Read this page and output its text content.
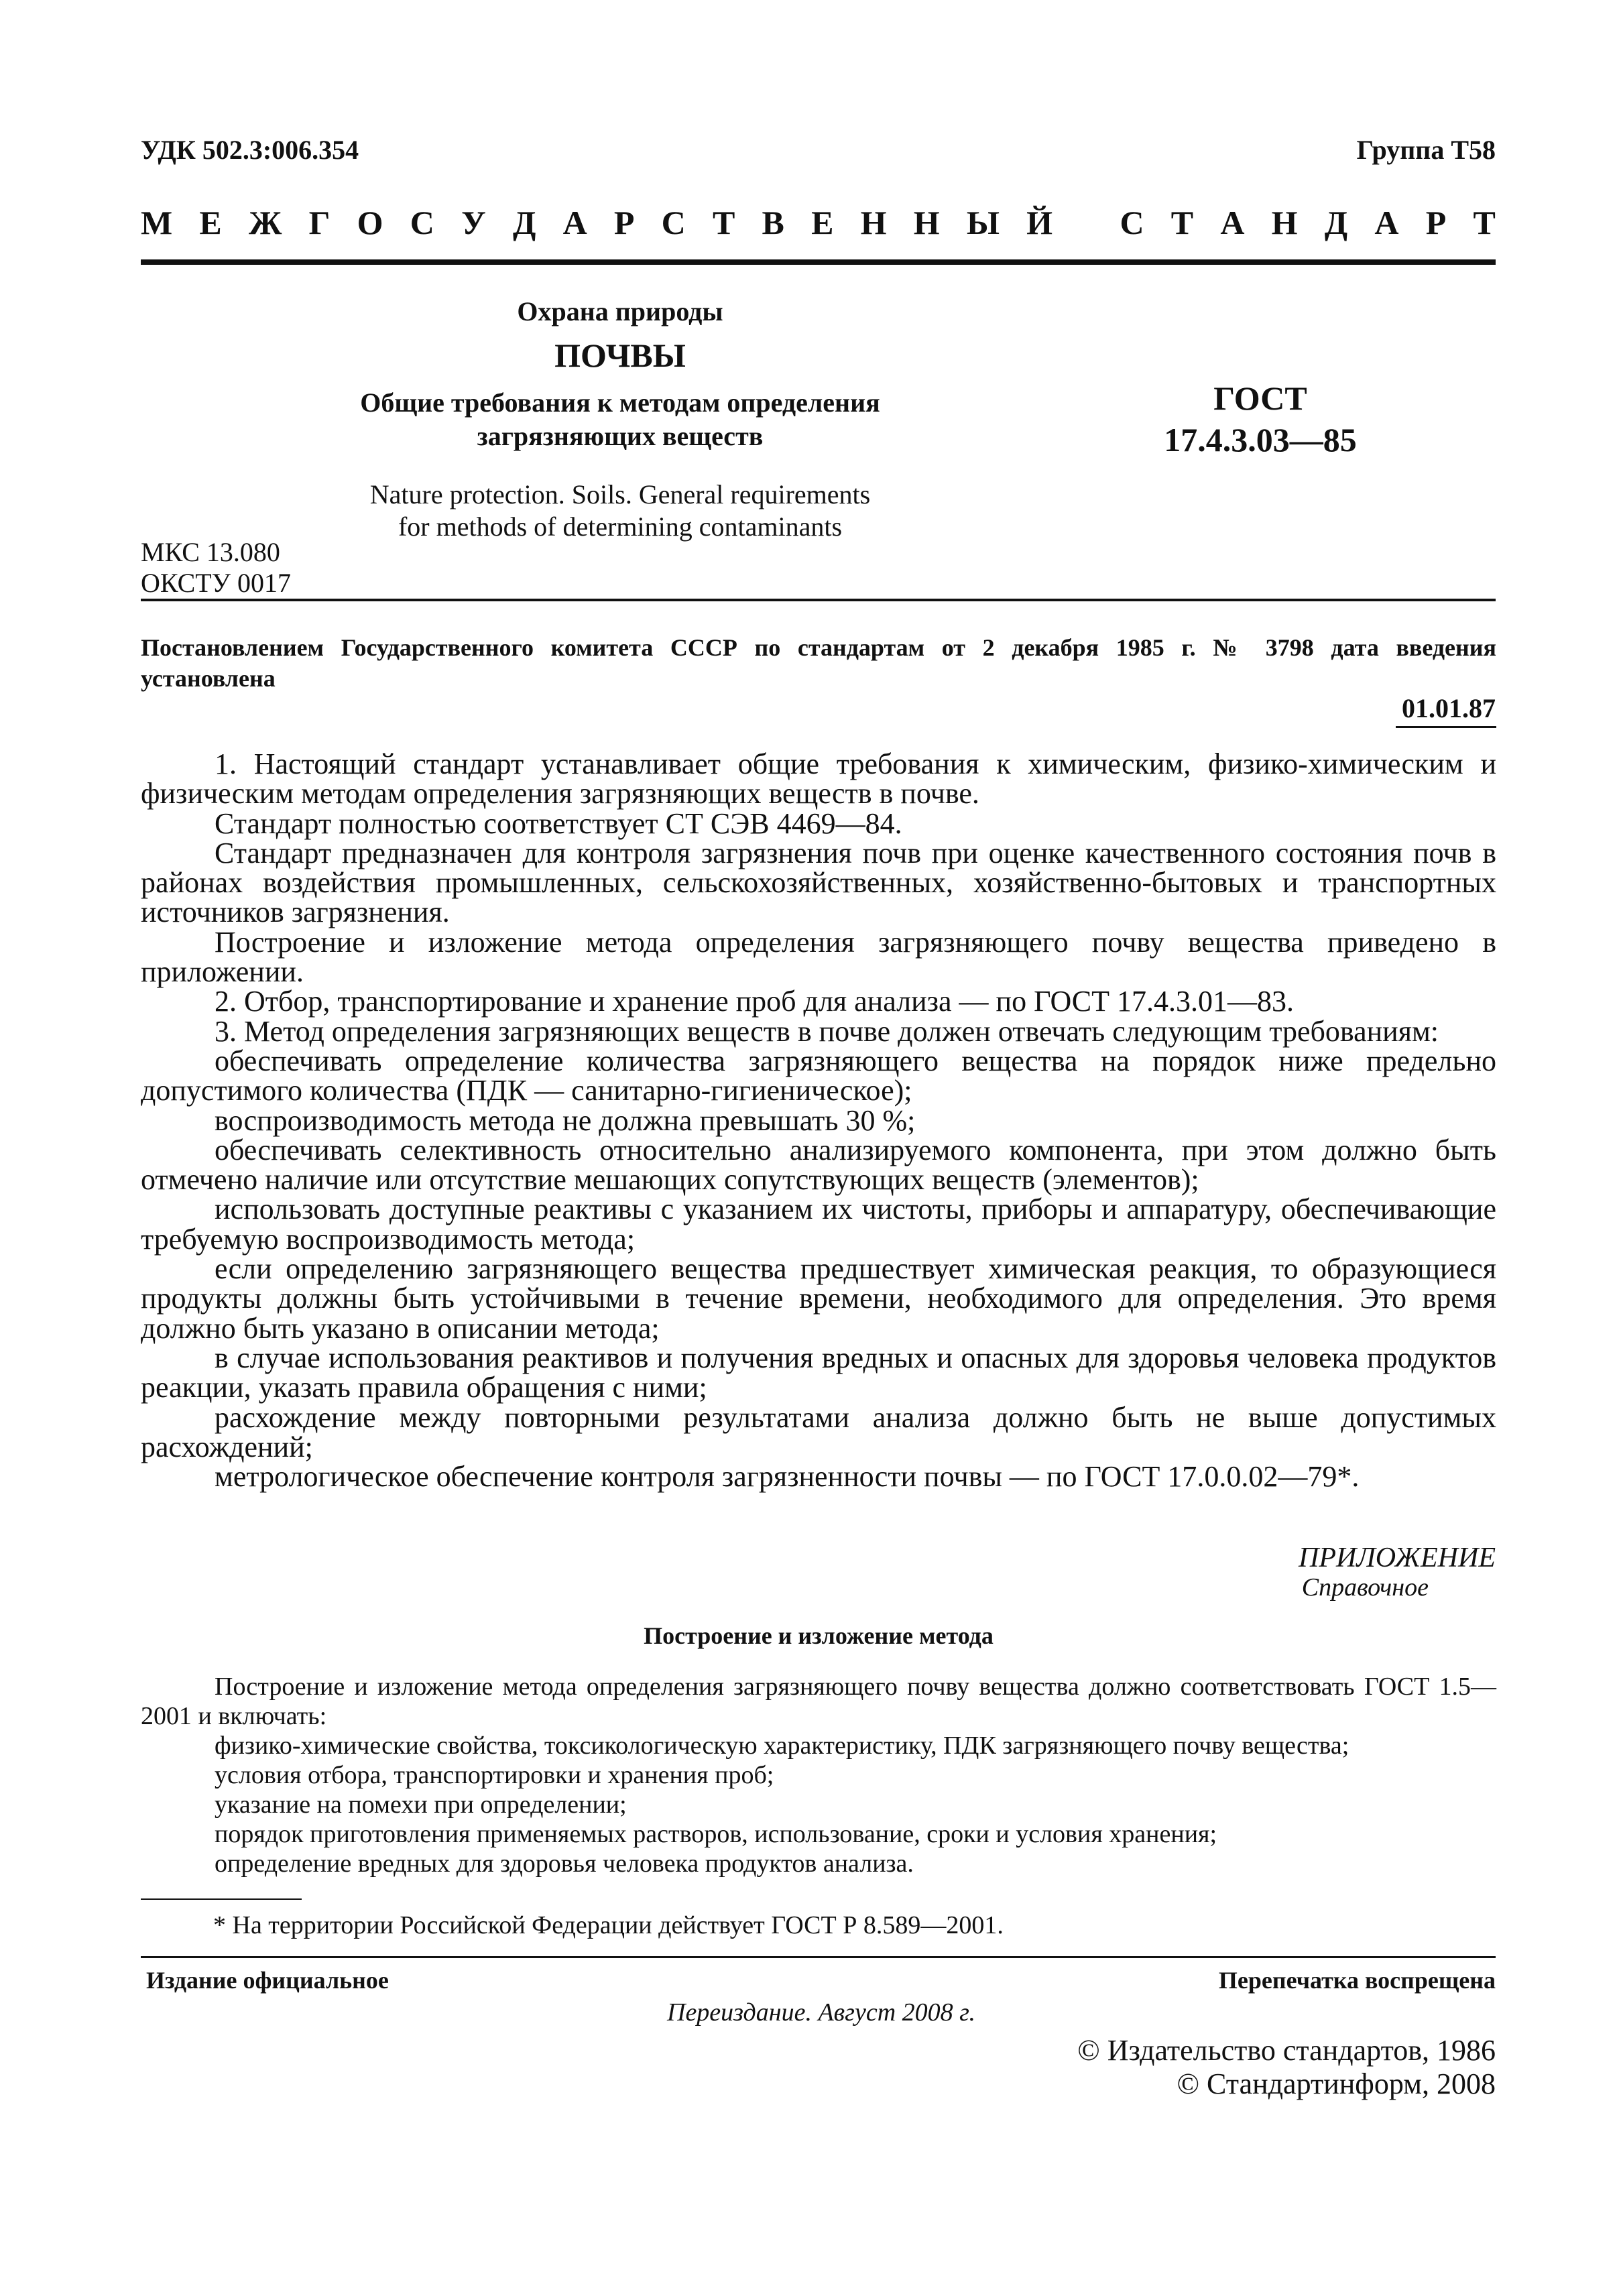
УДК 502.3:006.354	Группа Т58
М Е Ж Г О С У Д А Р С Т В Е Н Н Ы Й С Т А Н Д А Р Т
Охрана природы
ПОЧВЫ
Общие требования к методам определения
загрязняющих веществ
ГОСТ
17.4.3.03—85
Nature protection. Soils. General requirements
for methods of determining contaminants
МКС 13.080
ОКСТУ 0017
Постановлением Государственного комитета СССР по стандартам от 2 декабря 1985 г. № 3798 дата введения
установлена
01.01.87

1. Настоящий стандарт устанавливает общие требования к химическим, физико-химическим и физическим методам определения загрязняющих веществ в почве.

Стандарт полностью соответствует СТ СЭВ 4469—84.

Стандарт предназначен для контроля загрязнения почв при оценке качественного состояния почв в районах воздействия промышленных, сельскохозяйственных, хозяйственно-бытовых и транспортных источников загрязнения.

Построение и изложение метода определения загрязняющего почву вещества приведено в приложении.

2. Отбор, транспортирование и хранение проб для анализа — по ГОСТ 17.4.3.01—83.

3. Метод определения загрязняющих веществ в почве должен отвечать следующим требованиям:

обеспечивать определение количества загрязняющего вещества на порядок ниже предельно допустимого количества (ПДК — санитарно-гигиеническое);

воспроизводимость метода не должна превышать 30 %;

обеспечивать селективность относительно анализируемого компонента, при этом должно быть отмечено наличие или отсутствие мешающих сопутствующих веществ (элементов);

использовать доступные реактивы с указанием их чистоты, приборы и аппаратуру, обеспечивающие требуемую воспроизводимость метода;

если определению загрязняющего вещества предшествует химическая реакция, то образующиеся продукты должны быть устойчивыми в течение времени, необходимого для определения. Это время должно быть указано в описании метода;

в случае использования реактивов и получения вредных и опасных для здоровья человека продуктов реакции, указать правила обращения с ними;

расхождение между повторными результатами анализа должно быть не выше допустимых расхождений;

метрологическое обеспечение контроля загрязненности почвы — по ГОСТ 17.0.0.02—79*.

ПРИЛОЖЕНИЕ
Справочное
Построение и изложение метода

Построение и изложение метода определения загрязняющего почву вещества должно соответствовать ГОСТ 1.5—2001 и включать:

физико-химические свойства, токсикологическую характеристику, ПДК загрязняющего почву вещества;

условия отбора, транспортировки и хранения проб;

указание на помехи при определении;

порядок приготовления применяемых растворов, использование, сроки и условия хранения;

определение вредных для здоровья человека продуктов анализа.

* На территории Российской Федерации действует ГОСТ Р 8.589—2001.
Издание официальное	Перепечатка воспрещена
Переиздание. Август 2008 г.
© Издательство стандартов, 1986
© Стандартинформ, 2008
